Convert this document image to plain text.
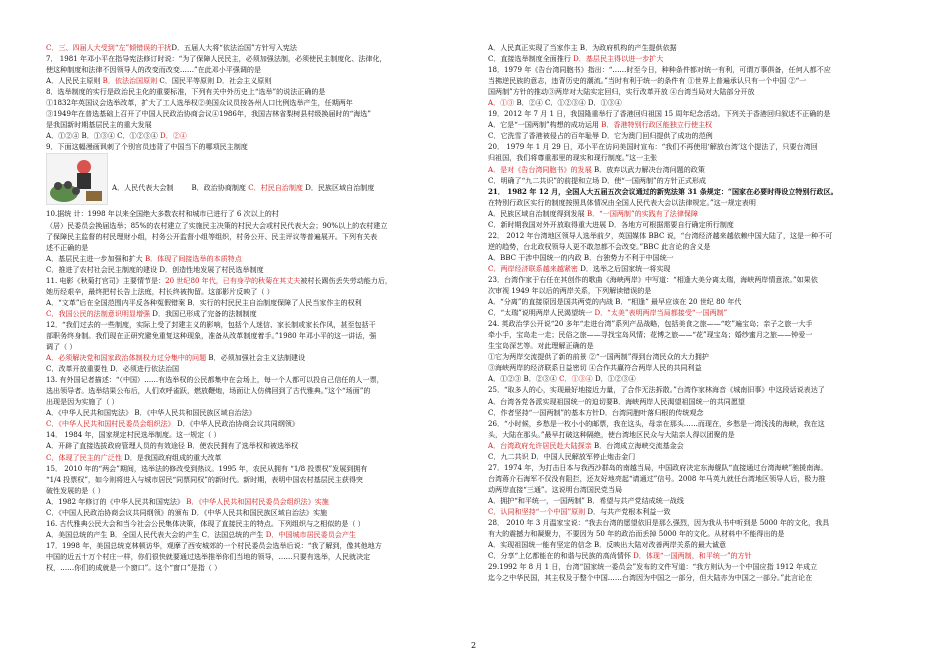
C．三、四届人大受到“左”倾错误的干扰D．五届人大将“依法治国”方针写入宪法
7． 1981 年邓小平在指导宪法修订时说：“为了保障人民民主，必须加强法制，必须使民主制度化、法律化，
使这种制度和法律不因领导人的改变而改变……”在此邓小平强调的是
A．人民民主原则 B．依法治国原则 C．国民平等原则 D．社会主义原则
8．选举制度的实行是政治民主化的重要标准，下列有关中外历史上“选举”的说法正确的是
①1832年英国议会选举改革，扩大了工人选举权②美国众议员按各州人口比例选举产生，任期两年
③1949年在普选基础上召开了中国人民政治协商会议④1986年，我国吉林省梨树县村级换届时的“海选”
是我国新时期基层民主的重大发展
A．①②④ B．①③④ C．①②③④ D．②④
9．下面这幅漫画讽刺了个别官员违背了中国当下的哪项民主制度
A．人民代表大会制	B．政治协商制度 C．村民自治制度 D．民族区域自治制度
10.据统 计：1998 年以来全国绝大多数农村和城市已进行了 6 次以上的村
（居）民委员会换届选举；85%的农村建立了实施民主决策的村民大会或村民代表大会；90%以上的农村建立
了保障民主监督的村民理财小组，村务公开监督小组等组织，村务公开、民主评议等普遍展开。下列有关表
述不正确的是
A．基层民主进一步加强和扩大 B．体现了间接选举的本质特点
C．推进了农村社会民主制度的建设 D．创造性地发展了村民选举制度
11. 电影《秋菊打官司》主要情节是：20 世纪80 年代，已有身孕的秋菊在其丈夫被村长踢伤丢失劳动能力后，
她历经艰辛，最终把村长告上法庭，村长终被拘留。这部影片反映了（ ）
A．“文革”后在全国范围内平反各种冤假错案 B．实行的村民民主自治制度保障了人民当家作主的权利
C．我国公民的法制意识明显增强 D．我国已形成了完备的法制制度
12．“我们过去的一些制度，实际上受了封建主义的影响，包括个人迷信、家长制或家长作风，甚至包括干
部职务终身制。我们现在正研究避免重复这种现象，准备从改革制度着手。”1980 年邓小平的这一讲话，强
调了（ ）
A．必须解决党和国家政治体制权力过分集中的问题 B．必须加强社会主义法制建设
C．改革开放重要性 D．必须进行依法治国
13. 有外国记者描述：“（中国）……有选举权的公民都集中在会场上，每一个人都可以投自己信任的人一票，
选出领导者。选举结果公布后，人们欢呼雀跃，燃放鞭炮，场面让人仿佛回到了古代雅典。”这个“场面”的
出现是因为实施了（ ）
A．《中华人民共和国宪法》 B．《中华人民共和国民族区域自治法》
C．《中华人民共和国村民委员会组织法》 D．《中华人民政治协商会议共同纲领》
14． 1984 年，国家规定村民选举制度。这一规定（ ）
A．开辟了直接选拔政府管理人员的有效途径 B．使农民拥有了选举权和被选举权
C．体现了民主的广泛性 D．是我国政府组成的重大改革
15． 2010 年的“两会”期间，选举法的修改受到热议。1995 年，农民从拥有 “1/8 投票权”发展到拥有
“1/4 投票权”，如今则将进入与城市居民“同票同权”的新时代。新时期，表明中国农村基层民主获得突
破性发展的是（ ）
A．1982 年修订的《中华人民共和国宪法》 B．《中华人民共和国村民委员会组织法》实施
C．《中国人民政治协商会议共同纲领》的颁布 D．《中华人民共和国民族区域自治法》实施
16. 古代雅典公民大会和当今社会公民集体决策，体现了直接民主的特点。下列组织与之相似的是（ ）
A．美国总统的产生 B．全国人民代表大会的产生 C．法国总统的产生 D．中国城市居民委员会产生
17．1998 年，美国总统克林顿访华，观摩了西安城郊的一个村民委员会选举后说：“我了解到，像其他地方
中国的近五十万个村庄一样，你们很快就要通过选举推举你们当地的领导，……只要有选举，人民就决定
权，……你们的成就是一个窗口”。这个“窗口”是指（ ）
A．人民真正实现了当家作主 B．为政府机构的产生提供依据
C．直接选举制度全面推行 D．基层民主得以进一步扩大
18．1979 年《告台湾同胞书》指出：“……时至今日，种种条件都对统一有利，可谓万事俱备，任何人都不应
当拂逆民族的意志，违背历史的潮流。”当时有利于统一的条件有 ①世界上普遍承认只有一个中国 ②“一
国两制”方针的推动③两岸对大陆实定回归，实行改革开放 ④台湾当局对大陆部分开放
A．①③ B．②④ C．①②③④ D．①③④
19．2012 年 7 月 1 日，我国隆重举行了香港回归祖国 15 周年纪念活动。下列关于香港回归叙述不正确的是
A．它是“一国两制”构想的成功运用 B．香港特别行政区能独立行使主权
C．它洗雪了香港被侵占的百年耻辱 D．它为澳门回归提供了成功的范例
20． 1979 年 1 月 29 日，邓小平在访问美国时宣布：“我们不再使用‘解放台湾’这个提法了，只要台湾回
归祖国，我们将尊重那里的现实和现行制度。”这一主张
A．是对《告台湾同胞书》的发展 B．放弃以武力解决台湾问题的政策
C．明确了“九二共识”的前提和立场 D．使“一国两制”的方针正式形成
21． 1982 年 12 月，全国人大五届五次会议通过的新宪法第 31 条规定：“国家在必要时得设立特别行政区。
在特别行政区实行的制度按照具体情况由全国人民代表大会以法律规定。”这一规定表明
A．民族区域自治制度得到发展 B．“一国两制”的实践有了法律保障
C．新时期我国对外开放取得重大进展 D．各地方可根据需要自行确定所行制度
22． 2012 年台湾地区领导人选举前夕，英国媒体 BBC 说，“台湾经济越来越依赖中国大陆了，这是一种不可
逆的趋势，台北政权领导人更不敢忽都不会改变。”BBC 此言论的含义是
A．BBC 干涉中国统一的内政 B．台独势力不利于中国统一
C．两岸经济联系越来越紧密 D．选举之后国家统一将实现
23．台湾作家于右任在其创作的歌曲《海峡两岸》中写道：“相逢大美分离太瑞，海峡两岸情意浓。”如果依
次审视 1949 年以后的两岸关系，下列解读错误的是
A．“分离”的直接原因是国共两党的内战 B．“相逢” 最早应该在 20 世纪 80 年代
C．“太瑞”说明两岸人民渴望统一 D．“太美”表明两岸当局都接受“一国两制”
24. 英政治学公开说“20 多年“走进台湾”系列产品战略，包括美食之旅——“吃”遍宝岛；亲子之旅一大手
牵小手，宝岛走一走；民俗之旅——寻找宝岛风情；花博之旅——“花”现宝岛；婚纱蜜月之旅——钟爱一
生宝岛深艺等。对此理解正确的是
①它为两岸交流提供了新的前景 ②“一国两制”得到台湾民众的大力拥护
③海峡两岸的经济联系日益密切 ④合作共赢符合两岸人民的共同利益
A．①②③ B．②③④ C．①③④ D．①②③④
25．“取多人的心，实现最好地接近力量，了合作无法拆散。”台湾作家林海音《城南旧事》中这段话说表达了
A．台湾各党各派实现祖国统一的迫切要B．海峡两岸人民渴望祖国统一的共同愿望
C．作者坚持“一国两制”的基本方针D．台湾同胞叶落归根的传统观念
26．“小时候，乡愁是一枚小小的邮票，我在这头，母亲在那头……而现在，乡愁是一湾浅浅的海峡，我在这
头，大陆在那头。”最早打破这种隔绝，使台湾地区民众与大陆亲人得以团聚的是
A．台湾政府允许居民赴大陆探亲 B．台湾成立海峡交流基金会
C．九二共识 D．中国人民解放军停止炮击金门
27．1974 年，为打击日本与我西沙群岛的南越当局，中国政府决定东海舰队“直接通过台湾海峡”驰援南海。
台湾蒋介石海军不仅没有阻拦，还友好地亮起“请通过”信号。2008 年马英九就任台湾地区领导人后，极力推
动两岸直接“三通”。这说明台湾国民党当局
A．拥护“和平统一，一国两制” B．希望与共产党结成统一战线
C．认同和坚持“一个中国”原则 D．与共产党根本利益一致
28． 2010 年 3 月温家宝说：“我去台湾的愿望依旧是那么强烈，因为我从书中听到是 5000 年的文化，我具
有大的震撼力和凝聚力，不要因为 50 年的政治而丢掉 5000 年的文化。从材料中不能得出的是
A．实现祖国统一能有坚定的信念 B．反映出大陆对改善两岸关系的最大诚意
C．分享“上亿都能在的和谐与民族的高尚情怀 D．体现“一国两制，和平统一”的方针
29.1992 年 8 月 1 日，台湾“国家统一委员会”发布的文件写道：“我方则认为一个中国应指 1912 年成立
迄今之中华民国，其主权及于整个中国……台湾因为中国之一部分，但大陆亦为中国之一部分。”此言论在
2
